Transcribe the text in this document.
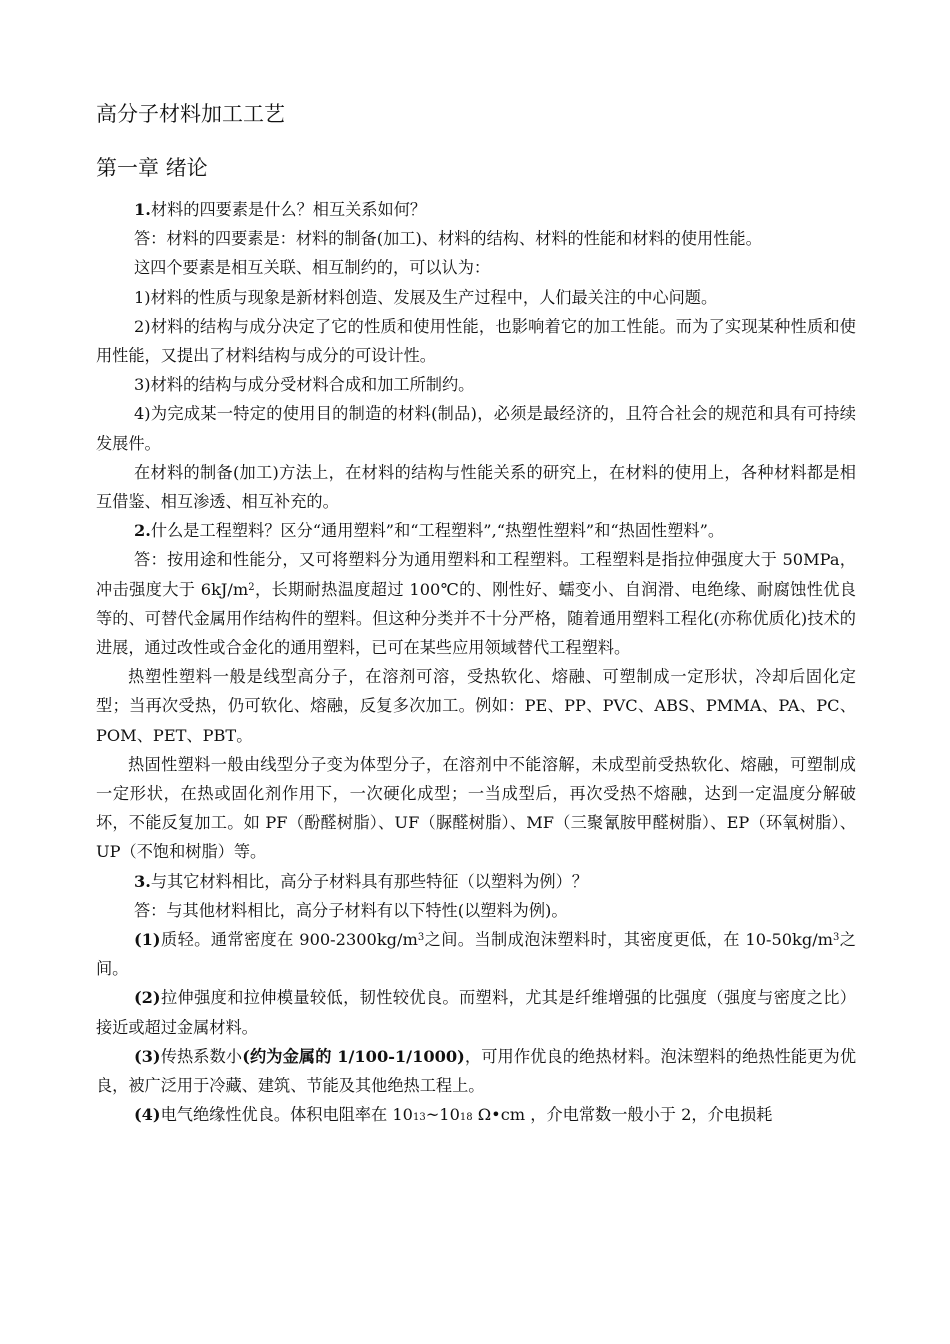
高分子材料加工工艺
第一章 绪论

1.材料的四要素是什么？相互关系如何？

答：材料的四要素是：材料的制备(加工)、材料的结构、材料的性能和材料的使用性能。

这四个要素是相互关联、相互制约的，可以认为：

1)材料的性质与现象是新材料创造、发展及生产过程中，人们最关注的中心问题。

2)材料的结构与成分决定了它的性质和使用性能，也影响着它的加工性能。而为了实现某种性质和使用性能，又提出了材料结构与成分的可设计性。

3)材料的结构与成分受材料合成和加工所制约。

4)为完成某一特定的使用目的制造的材料(制品)，必须是最经济的，且符合社会的规范和具有可持续发展件。

在材料的制备(加工)方法上，在材料的结构与性能关系的研究上，在材料的使用上，各种材料都是相互借鉴、相互渗透、相互补充的。

2.什么是工程塑料？区分“通用塑料”和“工程塑料”,“热塑性塑料”和“热固性塑料”。

答：按用途和性能分，又可将塑料分为通用塑料和工程塑料。工程塑料是指拉伸强度大于 50MPa，冲击强度大于 $6kJ/m^2$，长期耐热温度超过 100℃的、刚性好、蠕变小、自润滑、电绝缘、耐腐蚀性优良等的、可替代金属用作结构件的塑料。但这种分类并不十分严格，随着通用塑料工程化(亦称优质化)技术的进展，通过改性或合金化的通用塑料，已可在某些应用领域替代工程塑料。

热塑性塑料一般是线型高分子，在溶剂可溶，受热软化、熔融、可塑制成一定形状，冷却后固化定型；当再次受热，仍可软化、熔融，反复多次加工。例如：PE、PP、PVC、ABS、PMMA、PA、PC、POM、PET、PBT。

热固性塑料一般由线型分子变为体型分子，在溶剂中不能溶解，未成型前受热软化、熔融，可塑制成一定形状，在热或固化剂作用下，一次硬化成型；一当成型后，再次受热不熔融，达到一定温度分解破坏，不能反复加工。如 PF（酚醛树脂）、UF（脲醛树脂）、MF（三聚氰胺甲醛树脂）、EP（环氧树脂）、UP（不饱和树脂）等。

3.与其它材料相比，高分子材料具有那些特征（以塑料为例）？

答：与其他材料相比，高分子材料有以下特性(以塑料为例)。

(1)质轻。通常密度在 $900-2300kg/m^3$之间。当制成泡沫塑料时，其密度更低，在 $10-50kg/m^3$之间。

(2)拉伸强度和拉伸模量较低，韧性较优良。而塑料，尤其是纤维增强的比强度（强度与密度之比）接近或超过金属材料。

(3)传热系数小(约为金属的 1/100-1/1000)，可用作优良的绝热材料。泡沫塑料的绝热性能更为优良，被广泛用于冷藏、建筑、节能及其他绝热工程上。

(4)电气绝缘性优良。体积电阻率在 1013~1018 Ω•cm ，介电常数一般小于 2，介电损耗
